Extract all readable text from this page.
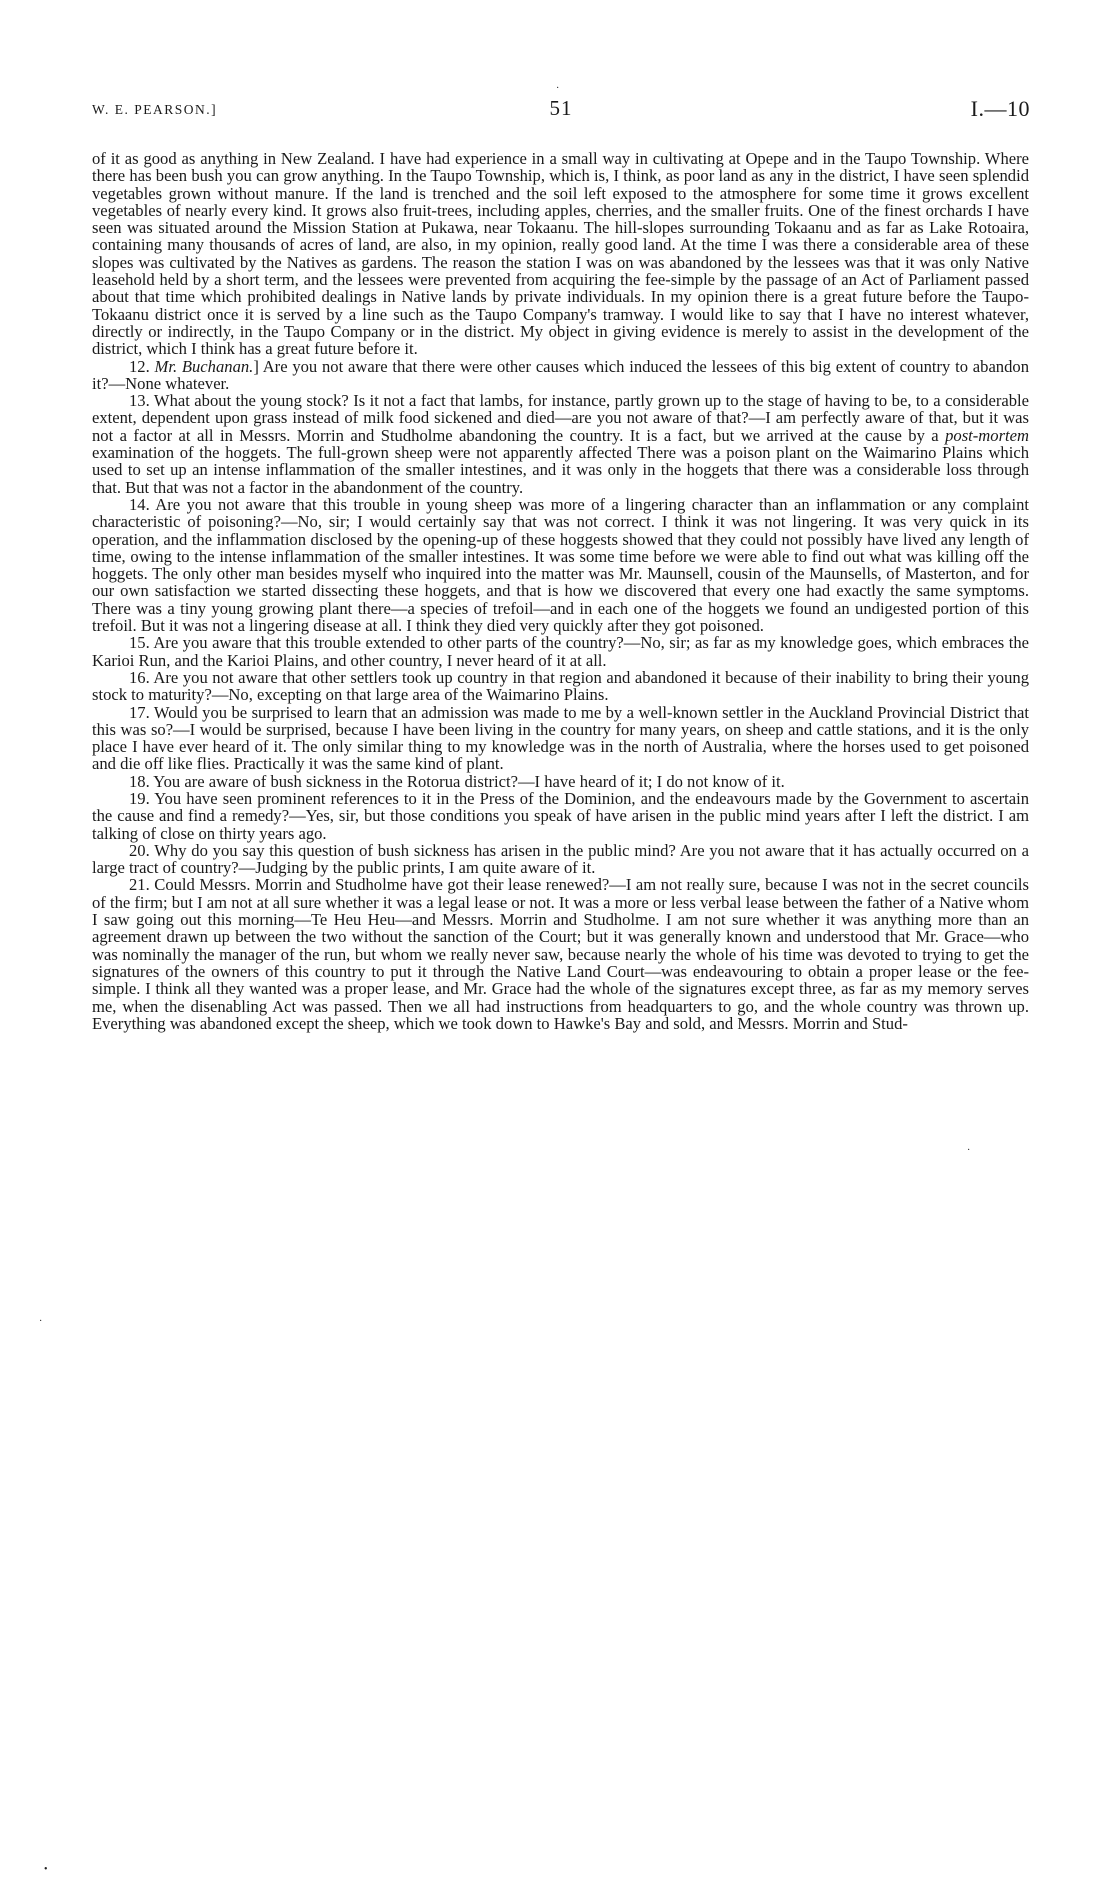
W. E. PEARSON.]	51	I.—10

of it as good as anything in New Zealand. I have had experience in a small way in cultivating at Opepe and in the Taupo Township. Where there has been bush you can grow anything. In the Taupo Township, which is, I think, as poor land as any in the district, I have seen splendid vegetables grown without manure. If the land is trenched and the soil left exposed to the atmosphere for some time it grows excellent vegetables of nearly every kind. It grows also fruit-trees, including apples, cherries, and the smaller fruits. One of the finest orchards I have seen was situated around the Mission Station at Pukawa, near Tokaanu. The hill-slopes surrounding Tokaanu and as far as Lake Rotoaira, containing many thousands of acres of land, are also, in my opinion, really good land. At the time I was there a considerable area of these slopes was cultivated by the Natives as gardens. The reason the station I was on was abandoned by the lessees was that it was only Native leasehold held by a short term, and the lessees were prevented from acquiring the fee-simple by the passage of an Act of Parliament passed about that time which prohibited dealings in Native lands by private individuals. In my opinion there is a great future before the Taupo-Tokaanu district once it is served by a line such as the Taupo Company's tramway. I would like to say that I have no interest whatever, directly or indirectly, in the Taupo Company or in the district. My object in giving evidence is merely to assist in the development of the district, which I think has a great future before it.

12. Mr. Buchanan.] Are you not aware that there were other causes which induced the lessees of this big extent of country to abandon it?—None whatever.

13. What about the young stock? Is it not a fact that lambs, for instance, partly grown up to the stage of having to be, to a considerable extent, dependent upon grass instead of milk food sickened and died—are you not aware of that?—I am perfectly aware of that, but it was not a factor at all in Messrs. Morrin and Studholme abandoning the country. It is a fact, but we arrived at the cause by a post-mortem examination of the hoggets. The full-grown sheep were not apparently affected There was a poison plant on the Waimarino Plains which used to set up an intense inflammation of the smaller intestines, and it was only in the hoggets that there was a considerable loss through that. But that was not a factor in the abandonment of the country.

14. Are you not aware that this trouble in young sheep was more of a lingering character than an inflammation or any complaint characteristic of poisoning?—No, sir; I would certainly say that was not correct. I think it was not lingering. It was very quick in its operation, and the inflammation disclosed by the opening-up of these hoggests showed that they could not possibly have lived any length of time, owing to the intense inflammation of the smaller intestines. It was some time before we were able to find out what was killing off the hoggets. The only other man besides myself who inquired into the matter was Mr. Maunsell, cousin of the Maunsells, of Masterton, and for our own satisfaction we started dissecting these hoggets, and that is how we discovered that every one had exactly the same symptoms. There was a tiny young growing plant there—a species of trefoil—and in each one of the hoggets we found an undigested portion of this trefoil. But it was not a lingering disease at all. I think they died very quickly after they got poisoned.

15. Are you aware that this trouble extended to other parts of the country?—No, sir; as far as my knowledge goes, which embraces the Karioi Run, and the Karioi Plains, and other country, I never heard of it at all.

16. Are you not aware that other settlers took up country in that region and abandoned it because of their inability to bring their young stock to maturity?—No, excepting on that large area of the Waimarino Plains.

17. Would you be surprised to learn that an admission was made to me by a well-known settler in the Auckland Provincial District that this was so?—I would be surprised, because I have been living in the country for many years, on sheep and cattle stations, and it is the only place I have ever heard of it. The only similar thing to my knowledge was in the north of Australia, where the horses used to get poisoned and die off like flies. Practically it was the same kind of plant.

18. You are aware of bush sickness in the Rotorua district?—I have heard of it; I do not know of it.

19. You have seen prominent references to it in the Press of the Dominion, and the endeavours made by the Government to ascertain the cause and find a remedy?—Yes, sir, but those conditions you speak of have arisen in the public mind years after I left the district. I am talking of close on thirty years ago.

20. Why do you say this question of bush sickness has arisen in the public mind? Are you not aware that it has actually occurred on a large tract of country?—Judging by the public prints, I am quite aware of it.

21. Could Messrs. Morrin and Studholme have got their lease renewed?—I am not really sure, because I was not in the secret councils of the firm; but I am not at all sure whether it was a legal lease or not. It was a more or less verbal lease between the father of a Native whom I saw going out this morning—Te Heu Heu—and Messrs. Morrin and Studholme. I am not sure whether it was anything more than an agreement drawn up between the two without the sanction of the Court; but it was generally known and understood that Mr. Grace—who was nominally the manager of the run, but whom we really never saw, because nearly the whole of his time was devoted to trying to get the signatures of the owners of this country to put it through the Native Land Court—was endeavouring to obtain a proper lease or the fee-simple. I think all they wanted was a proper lease, and Mr. Grace had the whole of the signatures except three, as far as my memory serves me, when the disenabling Act was passed. Then we all had instructions from headquarters to go, and the whole country was thrown up. Everything was abandoned except the sheep, which we took down to Hawke's Bay and sold, and Messrs. Morrin and Stud-

·
·
·
•
